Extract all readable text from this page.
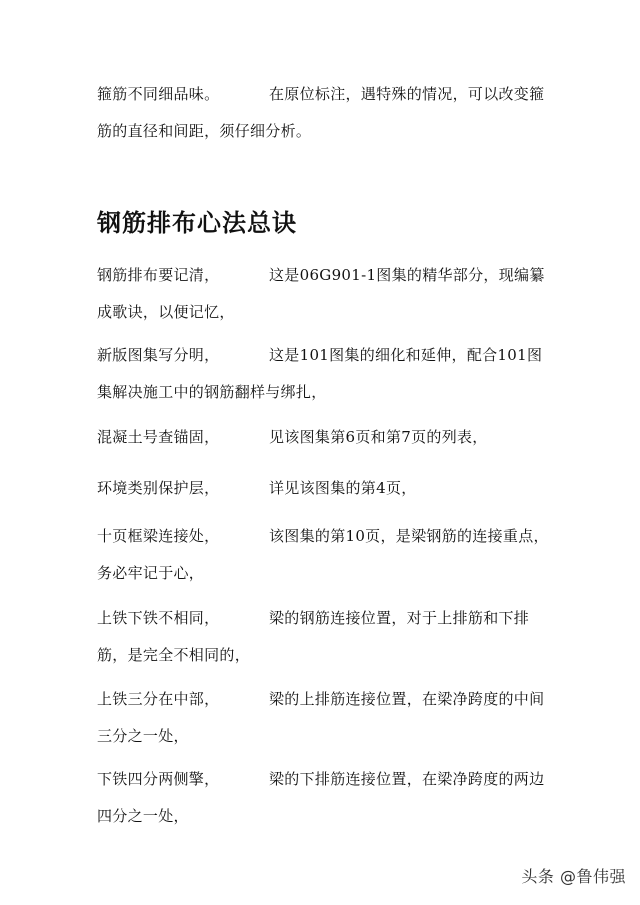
箍筋不同细品味。	在原位标注，遇特殊的情况，可以改变箍筋的直径和间距，须仔细分析。

钢筋排布心法总诀

钢筋排布要记清，	这是06G901-1图集的精华部分，现编纂成歌诀，以便记忆，

新版图集写分明，	这是101图集的细化和延伸，配合101图集解决施工中的钢筋翻样与绑扎，

混凝土号查锚固，	见该图集第6页和第7页的列表，

环境类别保护层，	详见该图集的第4页，

十页框梁连接处，	该图集的第10页，是梁钢筋的连接重点，务必牢记于心，

上铁下铁不相同，	梁的钢筋连接位置，对于上排筋和下排筋，是完全不相同的，

上铁三分在中部，	梁的上排筋连接位置，在梁净跨度的中间三分之一处，

下铁四分两侧擎，	梁的下排筋连接位置，在梁净跨度的两边四分之一处，

头条 @鲁伟强
